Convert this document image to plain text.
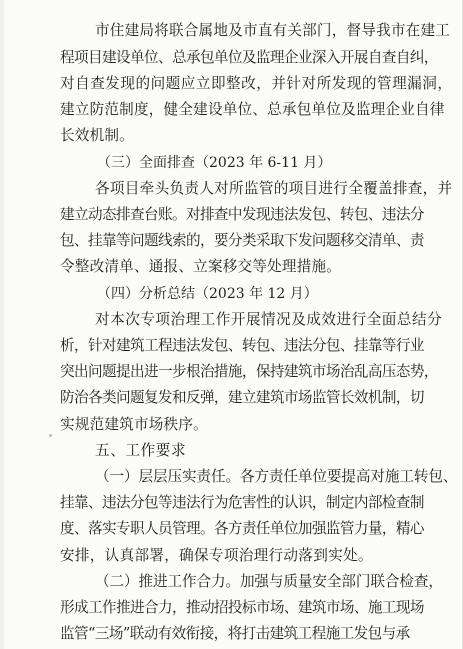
市住建局将联合属地及市直有关部门，督导我市在建工
程项目建设单位、总承包单位及监理企业深入开展自查自纠，
对自查发现的问题应立即整改，并针对所发现的管理漏洞，
建立防范制度，健全建设单位、总承包单位及监理企业自律
长效机制。
（三）全面排查（2023 年 6-11 月）
各项目牵头负责人对所监管的项目进行全覆盖排查，并
建立动态排查台账。对排查中发现违法发包、转包、违法分
包、挂靠等问题线索的，要分类采取下发问题移交清单、责
令整改清单、通报、立案移交等处理措施。
（四）分析总结（2023 年 12 月）
对本次专项治理工作开展情况及成效进行全面总结分
析，针对建筑工程违法发包、转包、违法分包、挂靠等行业
突出问题提出进一步根治措施，保持建筑市场治乱高压态势，
防治各类问题复发和反弹，建立建筑市场监管长效机制，切
实规范建筑市场秩序。
五、工作要求
（一）层层压实责任。各方责任单位要提高对施工转包、
挂靠、违法分包等违法行为危害性的认识，制定内部检查制
度、落实专职人员管理。各方责任单位加强监管力量，精心
安排，认真部署，确保专项治理行动落到实处。
（二）推进工作合力。加强与质量安全部门联合检查，
形成工作推进合力，推动招投标市场、建筑市场、施工现场
监管“三场”联动有效衔接，将打击建筑工程施工发包与承
